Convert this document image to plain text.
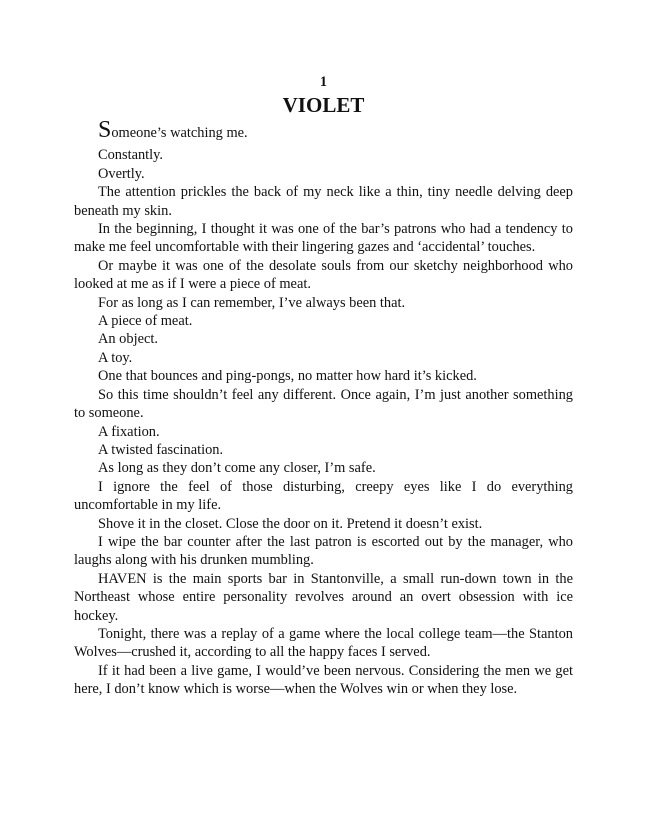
1

VIOLET

Someone’s watching me.

Constantly.

Overtly.

The attention prickles the back of my neck like a thin, tiny needle delving deep beneath my skin.

In the beginning, I thought it was one of the bar’s patrons who had a tendency to make me feel uncomfortable with their lingering gazes and ‘accidental’ touches.

Or maybe it was one of the desolate souls from our sketchy neighborhood who looked at me as if I were a piece of meat.

For as long as I can remember, I’ve always been that.

A piece of meat.

An object.

A toy.

One that bounces and ping-pongs, no matter how hard it’s kicked.

So this time shouldn’t feel any different. Once again, I’m just another something to someone.

A fixation.

A twisted fascination.

As long as they don’t come any closer, I’m safe.

I ignore the feel of those disturbing, creepy eyes like I do everything uncomfortable in my life.

Shove it in the closet. Close the door on it. Pretend it doesn’t exist.

I wipe the bar counter after the last patron is escorted out by the manager, who laughs along with his drunken mumbling.

HAVEN is the main sports bar in Stantonville, a small run-down town in the Northeast whose entire personality revolves around an overt obsession with ice hockey.

Tonight, there was a replay of a game where the local college team—the Stanton Wolves—crushed it, according to all the happy faces I served.

If it had been a live game, I would’ve been nervous. Considering the men we get here, I don’t know which is worse—when the Wolves win or when they lose.
